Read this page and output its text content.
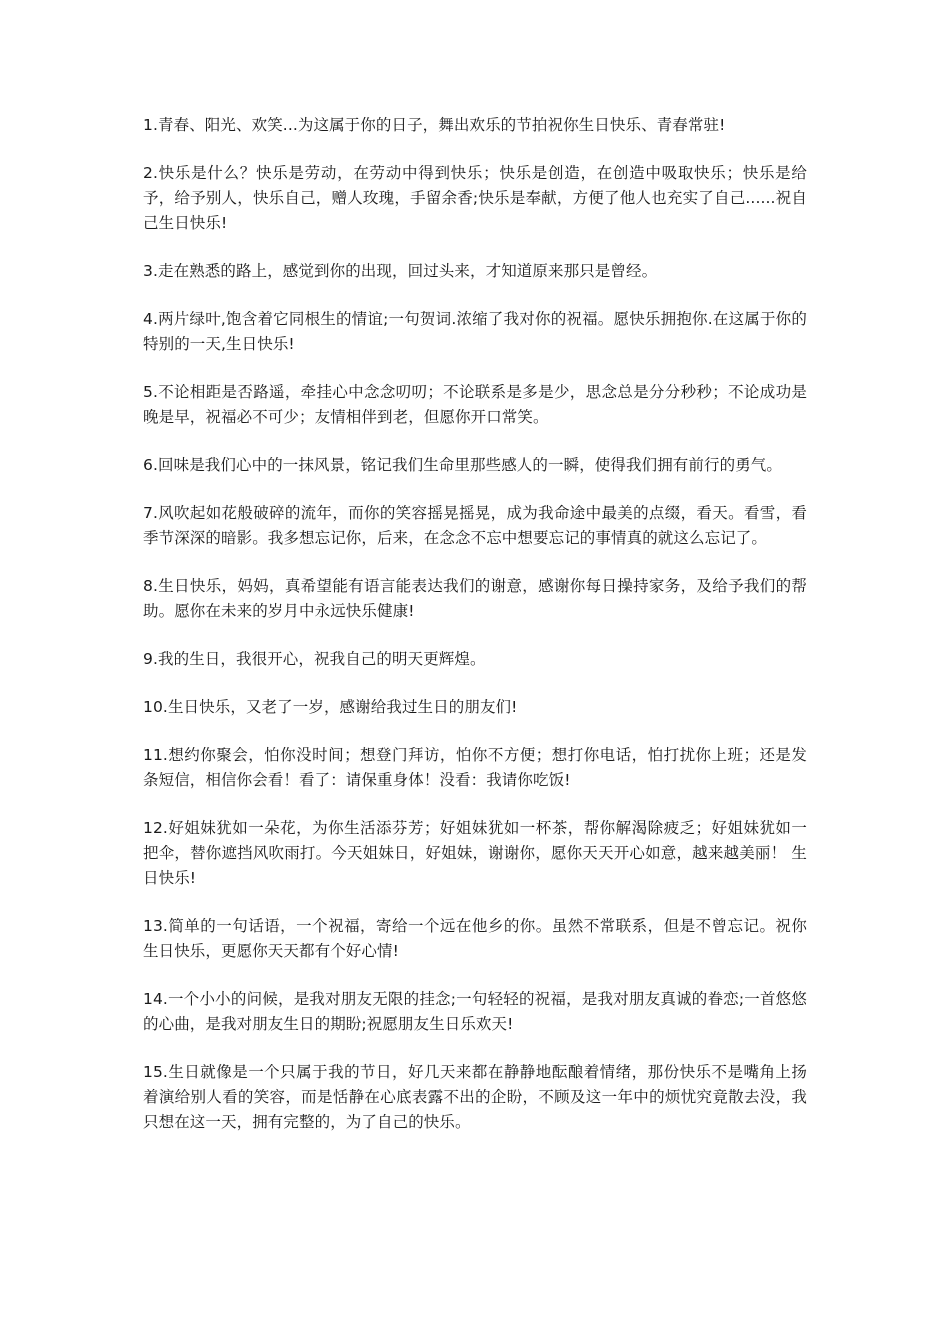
1.青春、阳光、欢笑...为这属于你的日子，舞出欢乐的节拍祝你生日快乐、青春常驻!

2.快乐是什么？快乐是劳动，在劳动中得到快乐；快乐是创造，在创造中吸取快乐；快乐是给予，给予别人，快乐自己，赠人玫瑰，手留余香;快乐是奉献，方便了他人也充实了自己......祝自己生日快乐!

3.走在熟悉的路上，感觉到你的出现，回过头来，才知道原来那只是曾经。

4.两片绿叶,饱含着它同根生的情谊;一句贺词.浓缩了我对你的祝福。愿快乐拥抱你.在这属于你的特别的一天,生日快乐!

5.不论相距是否路遥，牵挂心中念念叨叨；不论联系是多是少，思念总是分分秒秒；不论成功是晚是早，祝福必不可少；友情相伴到老，但愿你开口常笑。

6.回味是我们心中的一抹风景，铭记我们生命里那些感人的一瞬，使得我们拥有前行的勇气。

7.风吹起如花般破碎的流年，而你的笑容摇晃摇晃，成为我命途中最美的点缀，看天。看雪，看季节深深的暗影。我多想忘记你，后来，在念念不忘中想要忘记的事情真的就这么忘记了。

8.生日快乐，妈妈，真希望能有语言能表达我们的谢意，感谢你每日操持家务，及给予我们的帮助。愿你在未来的岁月中永远快乐健康!

9.我的生日，我很开心，祝我自己的明天更辉煌。

10.生日快乐，又老了一岁，感谢给我过生日的朋友们!

11.想约你聚会，怕你没时间；想登门拜访，怕你不方便；想打你电话，怕打扰你上班；还是发条短信，相信你会看！看了：请保重身体！没看：我请你吃饭!

12.好姐妹犹如一朵花，为你生活添芬芳；好姐妹犹如一杯茶，帮你解渴除疲乏；好姐妹犹如一把伞，替你遮挡风吹雨打。今天姐妹日，好姐妹，谢谢你，愿你天天开心如意，越来越美丽！ 生日快乐!

13.简单的一句话语，一个祝福，寄给一个远在他乡的你。虽然不常联系，但是不曾忘记。祝你生日快乐，更愿你天天都有个好心情!

14.一个小小的问候，是我对朋友无限的挂念;一句轻轻的祝福，是我对朋友真诚的眷恋;一首悠悠的心曲，是我对朋友生日的期盼;祝愿朋友生日乐欢天!

15.生日就像是一个只属于我的节日，好几天来都在静静地酝酿着情绪，那份快乐不是嘴角上扬着演给别人看的笑容，而是恬静在心底表露不出的企盼，不顾及这一年中的烦忧究竟散去没，我只想在这一天，拥有完整的，为了自己的快乐。
